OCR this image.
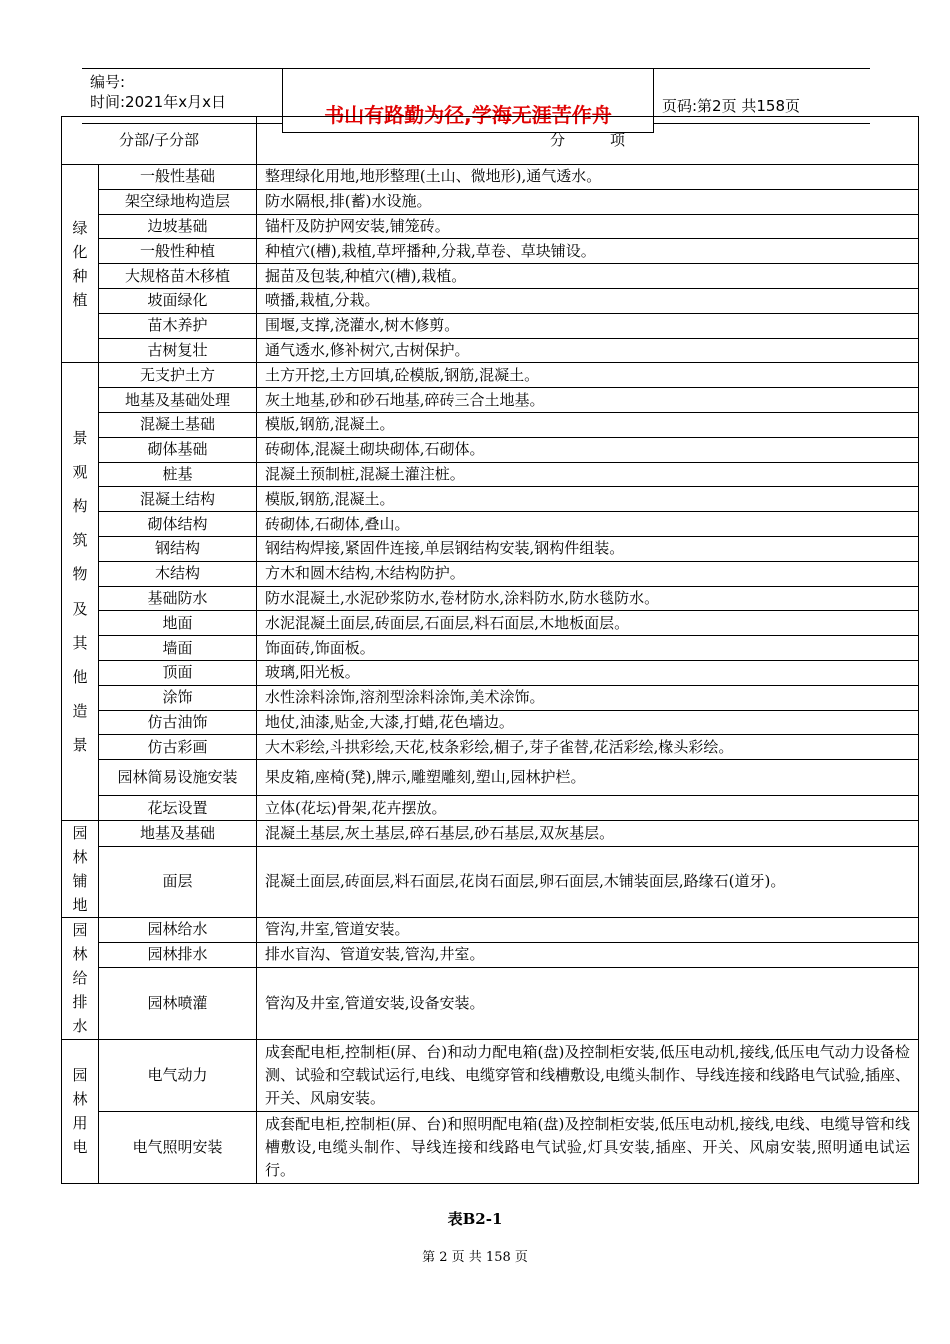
编号:
时间:2021年x月x日
书山有路勤为径,学海无涯苦作舟	页码:第2页 共158页
分部/子分部		分　　　项

绿化种植	一般性基础	整理绿化用地,地形整理(土山、微地形),通气透水。
	架空绿地构造层	防水隔根,排(蓄)水设施。
	边坡基础	锚杆及防护网安装,铺笼砖。
	一般性种植	种植穴(槽),栽植,草坪播种,分栽,草卷、草块铺设。
	大规格苗木移植	掘苗及包装,种植穴(槽),栽植。
	坡面绿化	喷播,栽植,分栽。
	苗木养护	围堰,支撑,浇灌水,树木修剪。
	古树复壮	通气透水,修补树穴,古树保护。

景观构筑物及其他造景	无支护土方	土方开挖,土方回填,砼模版,钢筋,混凝土。
	地基及基础处理	灰土地基,砂和砂石地基,碎砖三合土地基。
	混凝土基础	模版,钢筋,混凝土。
	砌体基础	砖砌体,混凝土砌块砌体,石砌体。
	桩基	混凝土预制桩,混凝土灌注桩。
	混凝土结构	模版,钢筋,混凝土。
	砌体结构	砖砌体,石砌体,叠山。
	钢结构	钢结构焊接,紧固件连接,单层钢结构安装,钢构件组装。
	木结构	方木和圆木结构,木结构防护。
	基础防水	防水混凝土,水泥砂浆防水,卷材防水,涂料防水,防水毯防水。
	地面	水泥混凝土面层,砖面层,石面层,料石面层,木地板面层。
	墙面	饰面砖,饰面板。
	顶面	玻璃,阳光板。
	涂饰	水性涂料涂饰,溶剂型涂料涂饰,美术涂饰。
	仿古油饰	地仗,油漆,贴金,大漆,打蜡,花色墙边。
	仿古彩画	大木彩绘,斗拱彩绘,天花,枝条彩绘,楣子,芽子雀替,花活彩绘,椽头彩绘。
	园林简易设施安装	果皮箱,座椅(凳),牌示,雕塑雕刻,塑山,园林护栏。
	花坛设置	立体(花坛)骨架,花卉摆放。

园林铺地	地基及基础	混凝土基层,灰土基层,碎石基层,砂石基层,双灰基层。
	面层	混凝土面层,砖面层,料石面层,花岗石面层,卵石面层,木铺装面层,路缘石(道牙)。

园林给排水	园林给水	管沟,井室,管道安装。
	园林排水	排水盲沟、管道安装,管沟,井室。
	园林喷灌	管沟及井室,管道安装,设备安装。

园林用电	电气动力	成套配电柜,控制柜(屏、台)和动力配电箱(盘)及控制柜安装,低压电动机,接线,低压电气动力设备检测、试验和空载试运行,电线、电缆穿管和线槽敷设,电缆头制作、导线连接和线路电气试验,插座、开关、风扇安装。
	电气照明安装	成套配电柜,控制柜(屏、台)和照明配电箱(盘)及控制柜安装,低压电动机,接线,电线、电缆导管和线槽敷设,电缆头制作、导线连接和线路电气试验,灯具安装,插座、开关、风扇安装,照明通电试运行。
表B2-1
第 2 页 共 158 页
